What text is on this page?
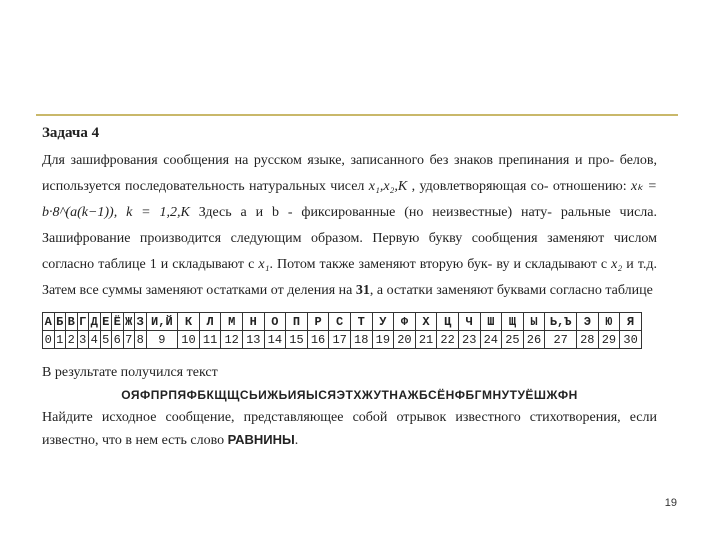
Задача 4

Для зашифрования сообщения на русском языке, записанного без знаков препинания и про- белов, используется последовательность натуральных чисел x₁,x₂,K , удовлетворяющая со- отношению: xₖ = b·8^(a(k−1)), k = 1,2,K Здесь a и b - фиксированные (но неизвестные) нату- ральные числа. Зашифрование производится следующим образом. Первую букву сообщения заменяют числом согласно таблице 1 и складывают с x₁. Потом также заменяют вторую бук- ву и складывают с x₂ и т.д. Затем все суммы заменяют остатками от деления на 31, а остатки заменяют буквами согласно таблице

А	Б	В	Г	Д	Е	Ё	Ж	З	И,Й	К	Л	М	Н	О	П	Р	С	Т	У	Ф	Х	Ц	Ч	Ш	Щ	Ы	Ь,Ъ	Э	Ю	Я
0	1	2	3	4	5	6	7	8	9	10	11	12	13	14	15	16	17	18	19	20	21	22	23	24	25	26	27	28	29	30
В результате получился текст
ОЯФПРПЯФБКЩЩСЬИЖЬИЯЫСЯЭТХЖУТНАЖБСЁНФБГМНУТУЁШЖФН

Найдите исходное сообщение, представляющее собой отрывок известного стихотворения, если известно, что в нем есть слово РАВНИНЫ.

19
